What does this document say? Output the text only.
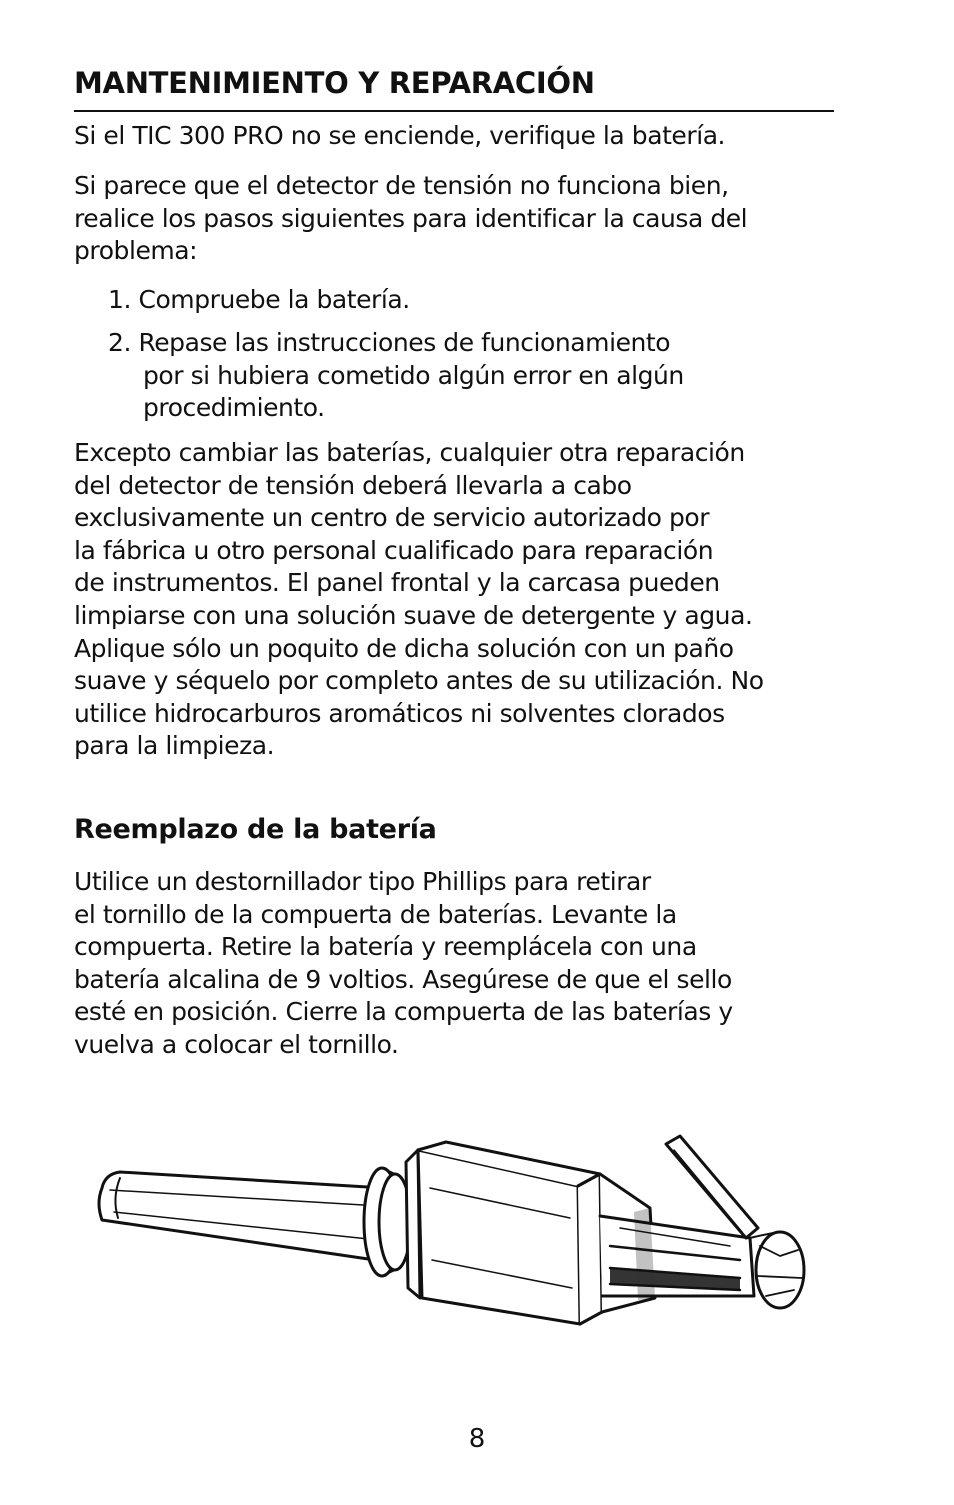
MANTENIMIENTO Y REPARACIÓN
Si el TIC 300 PRO no se enciende, verifique la batería.
Si parece que el detector de tensión no funciona bien,
realice los pasos siguientes para identificar la causa del
problema:
1. Compruebe la batería.
2. Repase las instrucciones de funcionamiento
por si hubiera cometido algún error en algún
procedimiento.
Excepto cambiar las baterías, cualquier otra reparación
del detector de tensión deberá llevarla a cabo
exclusivamente un centro de servicio autorizado por
la fábrica u otro personal cualificado para reparación
de instrumentos. El panel frontal y la carcasa pueden
limpiarse con una solución suave de detergente y agua.
Aplique sólo un poquito de dicha solución con un paño
suave y séquelo por completo antes de su utilización. No
utilice hidrocarburos aromáticos ni solventes clorados
para la limpieza.
Reemplazo de la batería
Utilice un destornillador tipo Phillips para retirar
el tornillo de la compuerta de baterías. Levante la
compuerta. Retire la batería y reemplácela con una
batería alcalina de 9 voltios. Asegúrese de que el sello
esté en posición. Cierre la compuerta de las baterías y
vuelva a colocar el tornillo.
8
